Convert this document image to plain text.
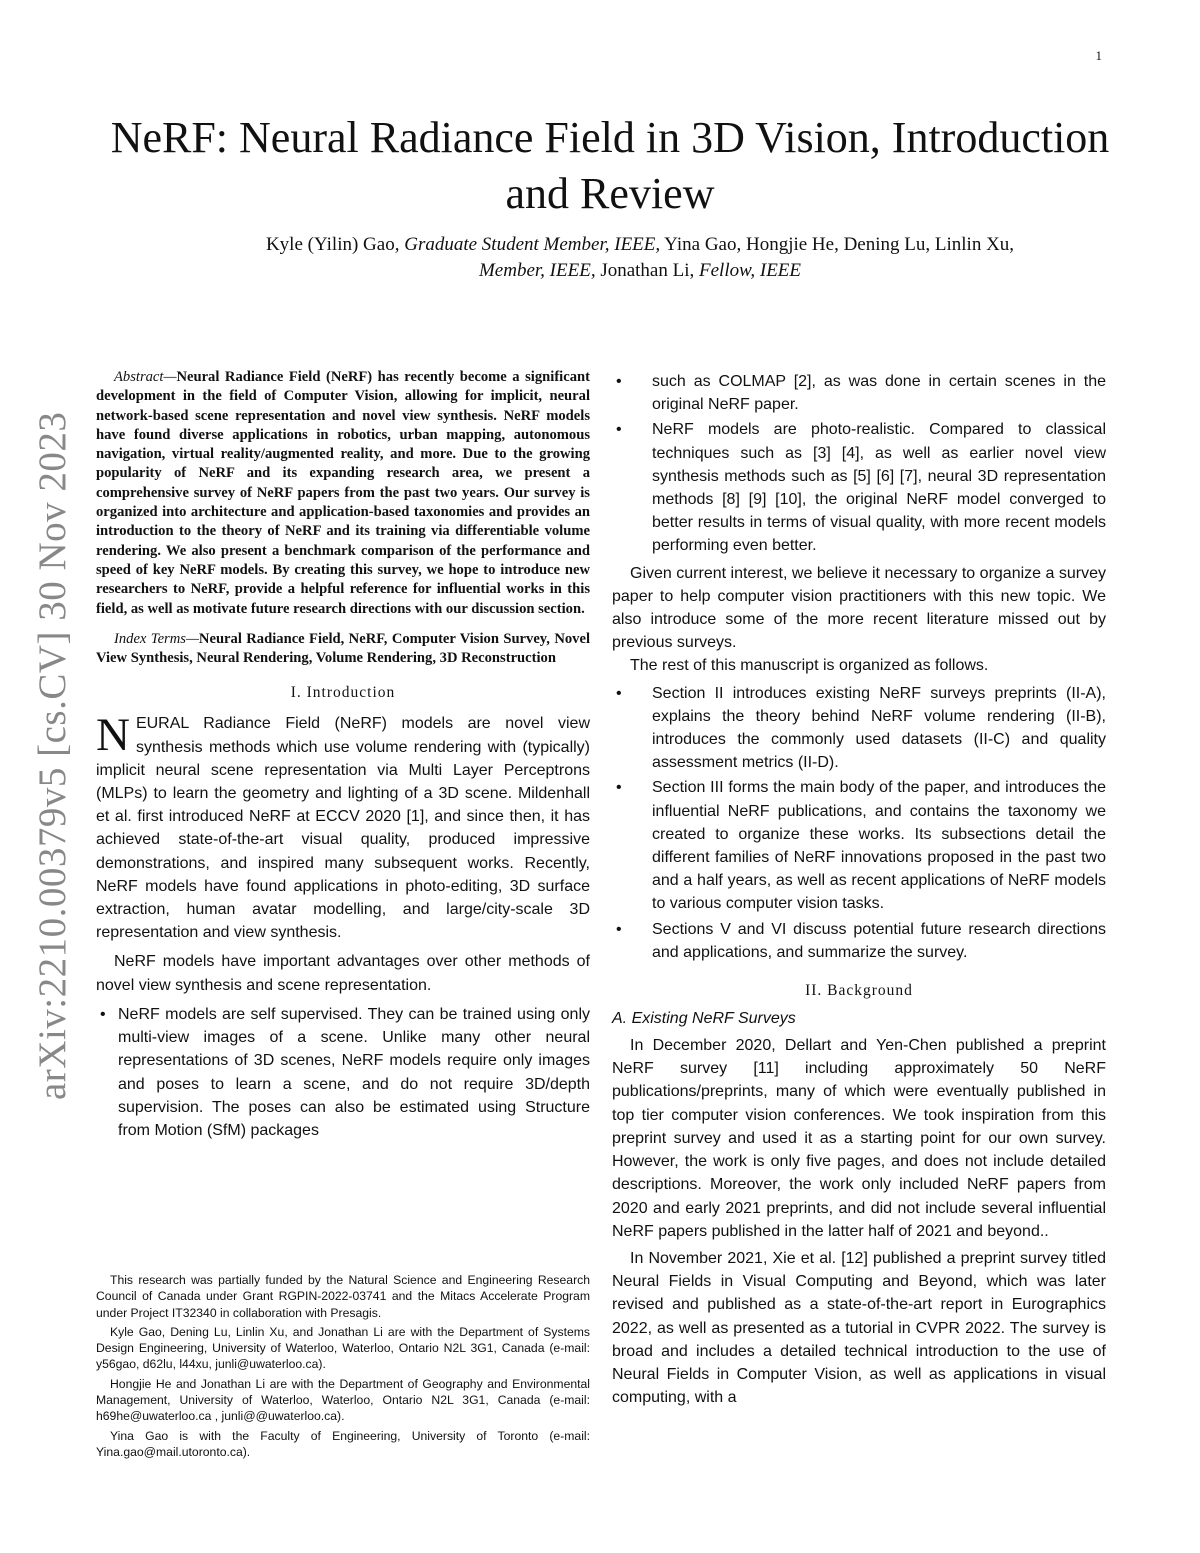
1
arXiv:2210.00379v5 [cs.CV] 30 Nov 2023
NeRF: Neural Radiance Field in 3D Vision, Introduction and Review
Kyle (Yilin) Gao, Graduate Student Member, IEEE, Yina Gao, Hongjie He, Dening Lu, Linlin Xu, Member, IEEE, Jonathan Li, Fellow, IEEE

Abstract—Neural Radiance Field (NeRF) has recently become a significant development in the field of Computer Vision, allowing for implicit, neural network-based scene representation and novel view synthesis. NeRF models have found diverse applications in robotics, urban mapping, autonomous navigation, virtual reality/augmented reality, and more. Due to the growing popularity of NeRF and its expanding research area, we present a comprehensive survey of NeRF papers from the past two years. Our survey is organized into architecture and application-based taxonomies and provides an introduction to the theory of NeRF and its training via differentiable volume rendering. We also present a benchmark comparison of the performance and speed of key NeRF models. By creating this survey, we hope to introduce new researchers to NeRF, provide a helpful reference for influential works in this field, as well as motivate future research directions with our discussion section.

Index Terms—Neural Radiance Field, NeRF, Computer Vision Survey, Novel View Synthesis, Neural Rendering, Volume Rendering, 3D Reconstruction

I. Introduction

NEURAL Radiance Field (NeRF) models are novel view synthesis methods which use volume rendering with (typically) implicit neural scene representation via Multi Layer Perceptrons (MLPs) to learn the geometry and lighting of a 3D scene. Mildenhall et al. first introduced NeRF at ECCV 2020 [1], and since then, it has achieved state-of-the-art visual quality, produced impressive demonstrations, and inspired many subsequent works. Recently, NeRF models have found applications in photo-editing, 3D surface extraction, human avatar modelling, and large/city-scale 3D representation and view synthesis.

NeRF models have important advantages over other methods of novel view synthesis and scene representation.

• NeRF models are self supervised. They can be trained using only multi-view images of a scene. Unlike many other neural representations of 3D scenes, NeRF models require only images and poses to learn a scene, and do not require 3D/depth supervision. The poses can also be estimated using Structure from Motion (SfM) packages

This research was partially funded by the Natural Science and Engineering Research Council of Canada under Grant RGPIN-2022-03741 and the Mitacs Accelerate Program under Project IT32340 in collaboration with Presagis.

Kyle Gao, Dening Lu, Linlin Xu, and Jonathan Li are with the Department of Systems Design Engineering, University of Waterloo, Waterloo, Ontario N2L 3G1, Canada (e-mail: y56gao, d62lu, l44xu, junli@uwaterloo.ca).

Hongjie He and Jonathan Li are with the Department of Geography and Environmental Management, University of Waterloo, Waterloo, Ontario N2L 3G1, Canada (e-mail: h69he@uwaterloo.ca , junli@@uwaterloo.ca).

Yina Gao is with the Faculty of Engineering, University of Toronto (e-mail: Yina.gao@mail.utoronto.ca).

• such as COLMAP [2], as was done in certain scenes in the original NeRF paper.
• NeRF models are photo-realistic. Compared to classical techniques such as [3] [4], as well as earlier novel view synthesis methods such as [5] [6] [7], neural 3D representation methods [8] [9] [10], the original NeRF model converged to better results in terms of visual quality, with more recent models performing even better.

Given current interest, we believe it necessary to organize a survey paper to help computer vision practitioners with this new topic. We also introduce some of the more recent literature missed out by previous surveys.

The rest of this manuscript is organized as follows.

• Section II introduces existing NeRF surveys preprints (II-A), explains the theory behind NeRF volume rendering (II-B), introduces the commonly used datasets (II-C) and quality assessment metrics (II-D).
• Section III forms the main body of the paper, and introduces the influential NeRF publications, and contains the taxonomy we created to organize these works. Its subsections detail the different families of NeRF innovations proposed in the past two and a half years, as well as recent applications of NeRF models to various computer vision tasks.
• Sections V and VI discuss potential future research directions and applications, and summarize the survey.
II. Background
A. Existing NeRF Surveys

In December 2020, Dellart and Yen-Chen published a preprint NeRF survey [11] including approximately 50 NeRF publications/preprints, many of which were eventually published in top tier computer vision conferences. We took inspiration from this preprint survey and used it as a starting point for our own survey. However, the work is only five pages, and does not include detailed descriptions. Moreover, the work only included NeRF papers from 2020 and early 2021 preprints, and did not include several influential NeRF papers published in the latter half of 2021 and beyond..

In November 2021, Xie et al. [12] published a preprint survey titled Neural Fields in Visual Computing and Beyond, which was later revised and published as a state-of-the-art report in Eurographics 2022, as well as presented as a tutorial in CVPR 2022. The survey is broad and includes a detailed technical introduction to the use of Neural Fields in Computer Vision, as well as applications in visual computing, with a
